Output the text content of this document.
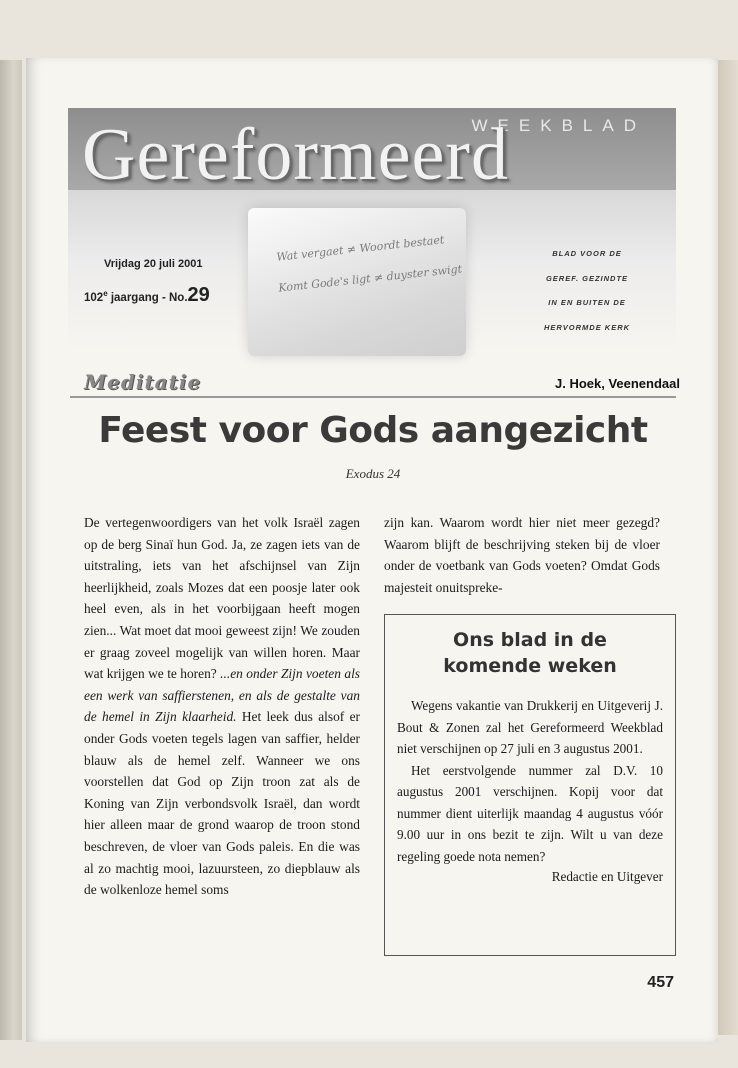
WEEKBLAD
Gereformeerd
Wat vergaet ≠ Woordt bestaet
Komt Gode's ligt ≠ duyster swigt
Vrijdag 20 juli 2001
102e jaargang - No.29
BLAD VOOR DE
GEREF. GEZINDTE
IN EN BUITEN DE
HERVORMDE KERK
Meditatie	J. Hoek, Veenendaal
Feest voor Gods aangezicht
Exodus 24

De vertegenwoordigers van het volk Israël zagen op de berg Sinaï hun God. Ja, ze zagen iets van de uitstraling, iets van het afschijnsel van Zijn heerlijkheid, zoals Mozes dat een poosje later ook heel even, als in het voorbijgaan heeft mogen zien... Wat moet dat mooi geweest zijn! We zouden er graag zoveel mogelijk van willen horen. Maar wat krijgen we te horen? ...en onder Zijn voeten als een werk van saffierstenen, en als de gestalte van de hemel in Zijn klaarheid. Het leek dus alsof er onder Gods voeten tegels lagen van saffier, helder blauw als de hemel zelf. Wanneer we ons voorstellen dat God op Zijn troon zat als de Koning van Zijn verbondsvolk Israël, dan wordt hier alleen maar de grond waarop de troon stond beschreven, de vloer van Gods paleis. En die was al zo machtig mooi, lazuursteen, zo diepblauw als de wolkenloze hemel soms

zijn kan. Waarom wordt hier niet meer gezegd? Waarom blijft de beschrijving steken bij de vloer onder de voetbank van Gods voeten? Omdat Gods majesteit onuitspreke-

Ons blad in de
komende weken

Wegens vakantie van Drukkerij en Uitgeverij J. Bout & Zonen zal het Gereformeerd Weekblad niet verschijnen op 27 juli en 3 augustus 2001.

Het eerstvolgende nummer zal D.V. 10 augustus 2001 verschijnen. Kopij voor dat nummer dient uiterlijk maandag 4 augustus vóór 9.00 uur in ons bezit te zijn. Wilt u van deze regeling goede nota nemen?

Redactie en Uitgever
457
